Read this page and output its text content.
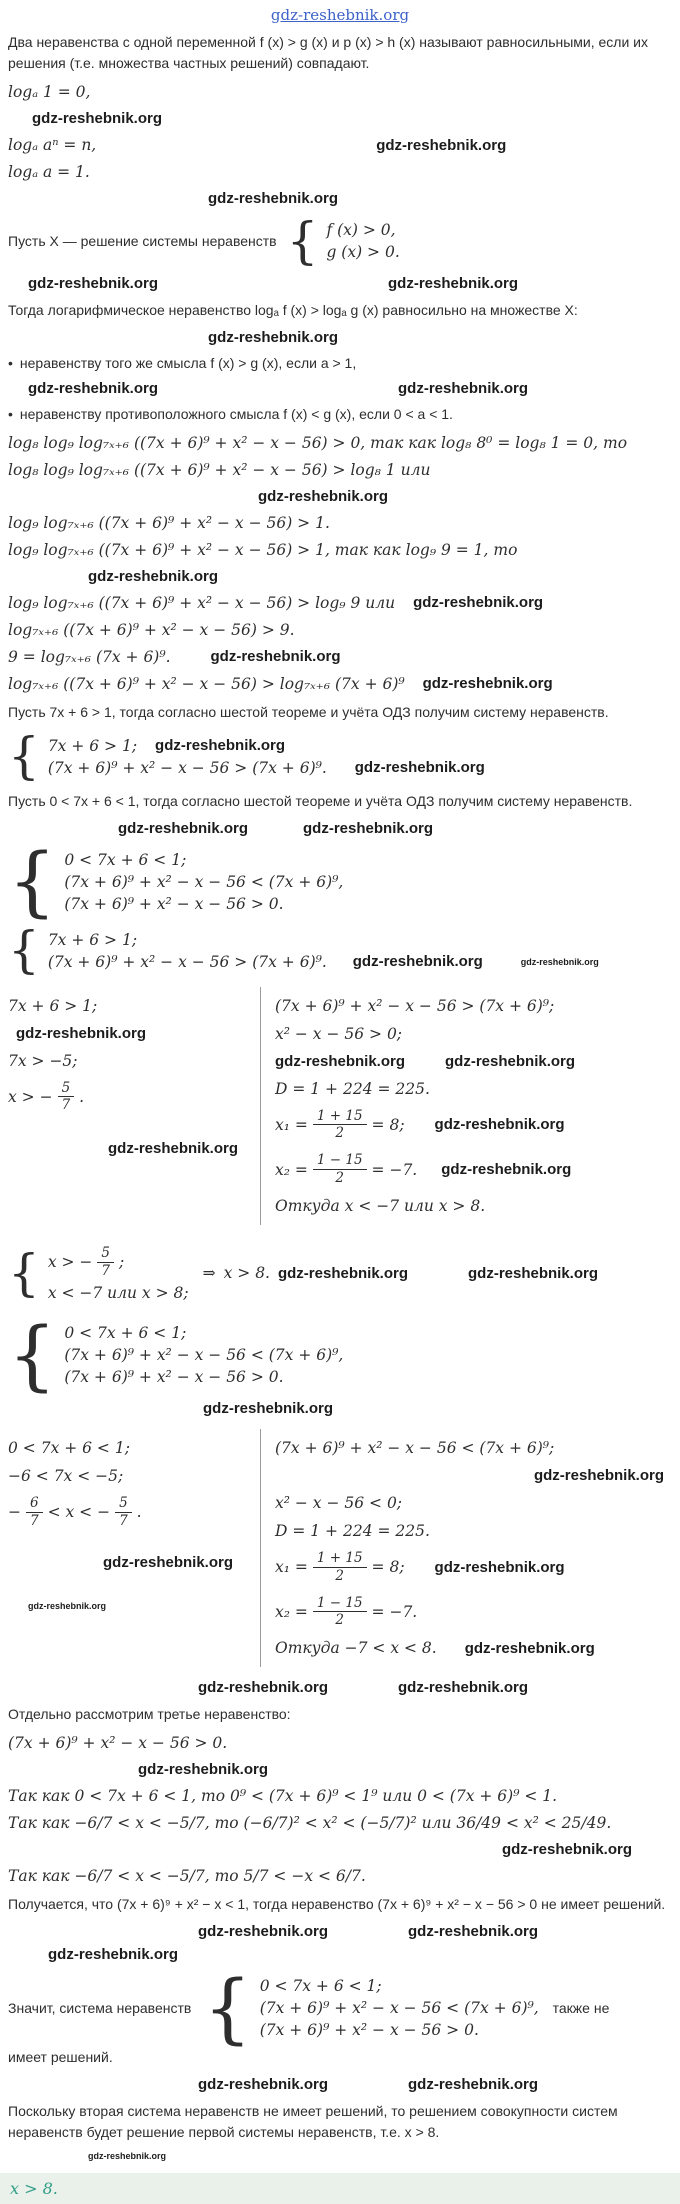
gdz-reshebnik.org

Два неравенства с одной переменной f (x) > g (x) и p (x) > h (x) называют равносильными, если их решения (т.е. множества частных решений) совпадают.

logₐ 1 = 0,
gdz-reshebnik.org
logₐ aⁿ = n,	gdz-reshebnik.org
logₐ a = 1.
gdz-reshebnik.org
Пусть X — решение системы неравенств { f (x) > 0,
g (x) > 0.
gdz-reshebnik.org	gdz-reshebnik.org

Тогда логарифмическое неравенство logₐ f (x) > logₐ g (x) равносильно на множестве X:

gdz-reshebnik.org
• неравенству того же смысла f (x) > g (x), если a > 1,
gdz-reshebnik.org	gdz-reshebnik.org
• неравенству противоположного смысла f (x) < g (x), если 0 < a < 1.
log₈ log₉ log₇ₓ₊₆ ((7x + 6)⁹ + x² − x − 56) > 0, так как log₈ 8⁰ = log₈ 1 = 0, то
log₈ log₉ log₇ₓ₊₆ ((7x + 6)⁹ + x² − x − 56) > log₈ 1 или
gdz-reshebnik.org
log₉ log₇ₓ₊₆ ((7x + 6)⁹ + x² − x − 56) > 1.
log₉ log₇ₓ₊₆ ((7x + 6)⁹ + x² − x − 56) > 1, так как log₉ 9 = 1, то
gdz-reshebnik.org
log₉ log₇ₓ₊₆ ((7x + 6)⁹ + x² − x − 56) > log₉ 9 или gdz-reshebnik.org
log₇ₓ₊₆ ((7x + 6)⁹ + x² − x − 56) > 9.
9 = log₇ₓ₊₆ (7x + 6)⁹.	gdz-reshebnik.org
log₇ₓ₊₆ ((7x + 6)⁹ + x² − x − 56) > log₇ₓ₊₆ (7x + 6)⁹ gdz-reshebnik.org

Пусть 7x + 6 > 1, тогда согласно шестой теореме и учёта ОДЗ получим систему неравенств.

{ 7x + 6 > 1; gdz-reshebnik.org
(7x + 6)⁹ + x² − x − 56 > (7x + 6)⁹. gdz-reshebnik.org

Пусть 0 < 7x + 6 < 1, тогда согласно шестой теореме и учёта ОДЗ получим систему неравенств.

gdz-reshebnik.org	gdz-reshebnik.org
{ 0 < 7x + 6 < 1;
(7x + 6)⁹ + x² − x − 56 < (7x + 6)⁹,
(7x + 6)⁹ + x² − x − 56 > 0.
{ 7x + 6 > 1;
(7x + 6)⁹ + x² − x − 56 > (7x + 6)⁹. gdz-reshebnik.org	gdz-reshebnik.org
7x + 6 > 1;
gdz-reshebnik.org
7x > −5;
x > − $\frac{5}{7}$ .
gdz-reshebnik.org
(7x + 6)⁹ + x² − x − 56 > (7x + 6)⁹;
x² − x − 56 > 0;
gdz-reshebnik.org	gdz-reshebnik.org
D = 1 + 224 = 225.
$x_1 = \frac{1 + 15}{2} = 8$; gdz-reshebnik.org
$x_2 = \frac{1 - 15}{2} = -7$. gdz-reshebnik.org
Откуда x < −7 или x > 8.
{ x > − $\frac{5}{7}$ ;
x < −7 или x > 8;
⇒ x > 8. gdz-reshebnik.org	gdz-reshebnik.org
{ 0 < 7x + 6 < 1;
(7x + 6)⁹ + x² − x − 56 < (7x + 6)⁹,
(7x + 6)⁹ + x² − x − 56 > 0.
gdz-reshebnik.org
0 < 7x + 6 < 1;
−6 < 7x < −5;
− $\frac{6}{7} < x$ < − $\frac{5}{7}$ .
gdz-reshebnik.org
gdz-reshebnik.org
(7x + 6)⁹ + x² − x − 56 < (7x + 6)⁹;
gdz-reshebnik.org
x² − x − 56 < 0;
D = 1 + 224 = 225.
$x_1 = \frac{1 + 15}{2} = 8$; gdz-reshebnik.org
$x_2 = \frac{1 - 15}{2} = -7$.
Откуда −7 < x < 8. gdz-reshebnik.org
gdz-reshebnik.org	gdz-reshebnik.org

Отдельно рассмотрим третье неравенство:

(7x + 6)⁹ + x² − x − 56 > 0.
gdz-reshebnik.org
Так как 0 < 7x + 6 < 1, то 0⁹ < (7x + 6)⁹ < 1⁹ или 0 < (7x + 6)⁹ < 1.
Так как −6/7 < x < −5/7, то (−6/7)² < x² < (−5/7)² или 36/49 < x² < 25/49.
gdz-reshebnik.org
Так как −6/7 < x < −5/7, то 5/7 < −x < 6/7.

Получается, что (7x + 6)⁹ + x² − x < 1, тогда неравенство (7x + 6)⁹ + x² − x − 56 > 0 не имеет решений.

gdz-reshebnik.org	gdz-reshebnik.org
gdz-reshebnik.org
Значит, система неравенств { 0 < 7x + 6 < 1;
(7x + 6)⁹ + x² − x − 56 < (7x + 6)⁹,
(7x + 6)⁹ + x² − x − 56 > 0.
также не
имеет решений.
gdz-reshebnik.org	gdz-reshebnik.org

Поскольку вторая система неравенств не имеет решений, то решением совокупности систем неравенств будет решение первой системы неравенств, т.е. x > 8.

gdz-reshebnik.org
x > 8.
